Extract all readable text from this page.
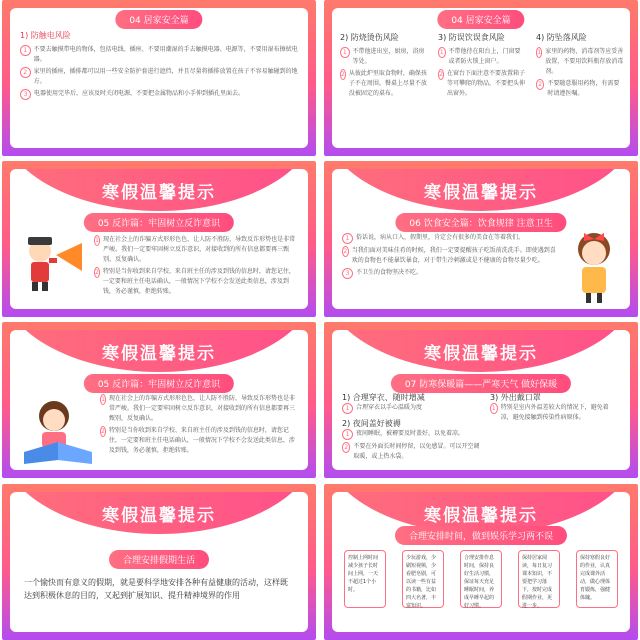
04 居家安全篇
1) 防触电风险
1	不要去触摸带电的物体，包括电线、插座、不要用潮湿的手去触摸电器、电源等，不要用湿布擦拭电器。
2	家里的插座，插排都可以用一些安全防护套进行遮挡，并且尽量将插排放置在孩子不容易触碰到的地方。
3	电器使用完毕后，应该及时关闭电源，不要把金属物品和小手伸到插孔里面去。
04 居家安全篇
2) 防烧烫伤风险
1 不带他进出室，厨房，浴房等处。
2 从彼此炉里取食物时，确保孩子不在周围。餐桌上尽量不放没被固定的桌布。
3) 防误饮误食风险
1 不带他待在阳台上，门窗要或者防火锁上窗户。
2 在窗台下面注意不要放置箱子等可攀爬的物品，不要把头伸出窗外。
4) 防坠落风险
1 家里的药物，消毒剂等应妥善放置，不要用饮料瓶存放消毒剂。
2 不要随意服用药物，有需要时请遵医嘱。
寒假温馨提示
05 反诈篇：牢固树立反诈意识
1 现在社会上的诈骗方式形形色色，让人防不胜防，导致反诈形势也是非常严峻。我们一定要牢固树立反诈意识，对接收到的所有信息都要再三甄别，反复确认。
2 特别是当你收到来自学校、来自班主任的涉及到钱的信息时，请您记住，一定要和班主任电话确认，一般情况下学校不会发送此类信息，涉及到钱，务必谨慎，拒绝转账。
寒假温馨提示
06 饮食安全篇：饮食规律 注意卫生
1	俗话说，病从口入，假期里，肯定会有很多的美食在等着我们。
2 当我们面对美味佳肴的时候，我们一定要提醒孩子吃饭前洗洗手。即使遇到喜欢的食物也不能暴饮暴食，对于带生冷刺激或是不健康的食物尽量少吃。
3	不卫生的食物坚决不吃。
寒假温馨提示
05 反诈篇：牢固树立反诈意识
1 现在社会上的诈骗方式形形色色，让人防不胜防，导致反诈形势也是非常严峻。我们一定要牢固树立反诈意识，对接收到的所有信息都要再三甄别，反复确认。
2 特别是当你收到来自学校、来自班主任的涉及到钱的信息时，请您记住，一定要和班主任电话确认，一般情况下学校不会发送此类信息，涉及到钱，务必谨慎，拒绝转账。
寒假温馨提示
07 防寒保暖篇——严寒天气 做好保暖
1) 合理穿衣、随时增减
1	合理穿衣以手心温暖为度
2) 夜间盖好被褥
1	夜间睡眠，被褥要及时盖好，以免着凉。
2 不要在外面长时间停留，以免感冒。可以开空调取暖，或上热水袋。
3) 外出戴口罩
1 特别是室内外温差较大的情况下，避免着凉，避免接触到传染性病原体。
寒假温馨提示
合理安排假期生活
一个愉快而有意义的假期，就是要科学地安排各种有益健康的活动，这样既达到积极休息的目的，又起到扩展知识、提升精神境界的作用
寒假温馨提示
合理安排时间，做到娱乐学习两不误
控制上网时间减少孩子长时间上网，一天不超过1个小时。
少玩游戏，少刷短视频，少看肥皂剧，可以读一些有益的书籍，比如四大名著，丰富知识。
合理安排作息时间，保持良好生活习惯，保证每天充足睡眠时间，养成早睡早起的好习惯。
保持居家阅读，每日复习课本知识，不要把学习落下，按时完成假期作业，更进一步。
保持寒假良好的作业，认真完成课外活动，做心理体育锻炼，强健体魄。
